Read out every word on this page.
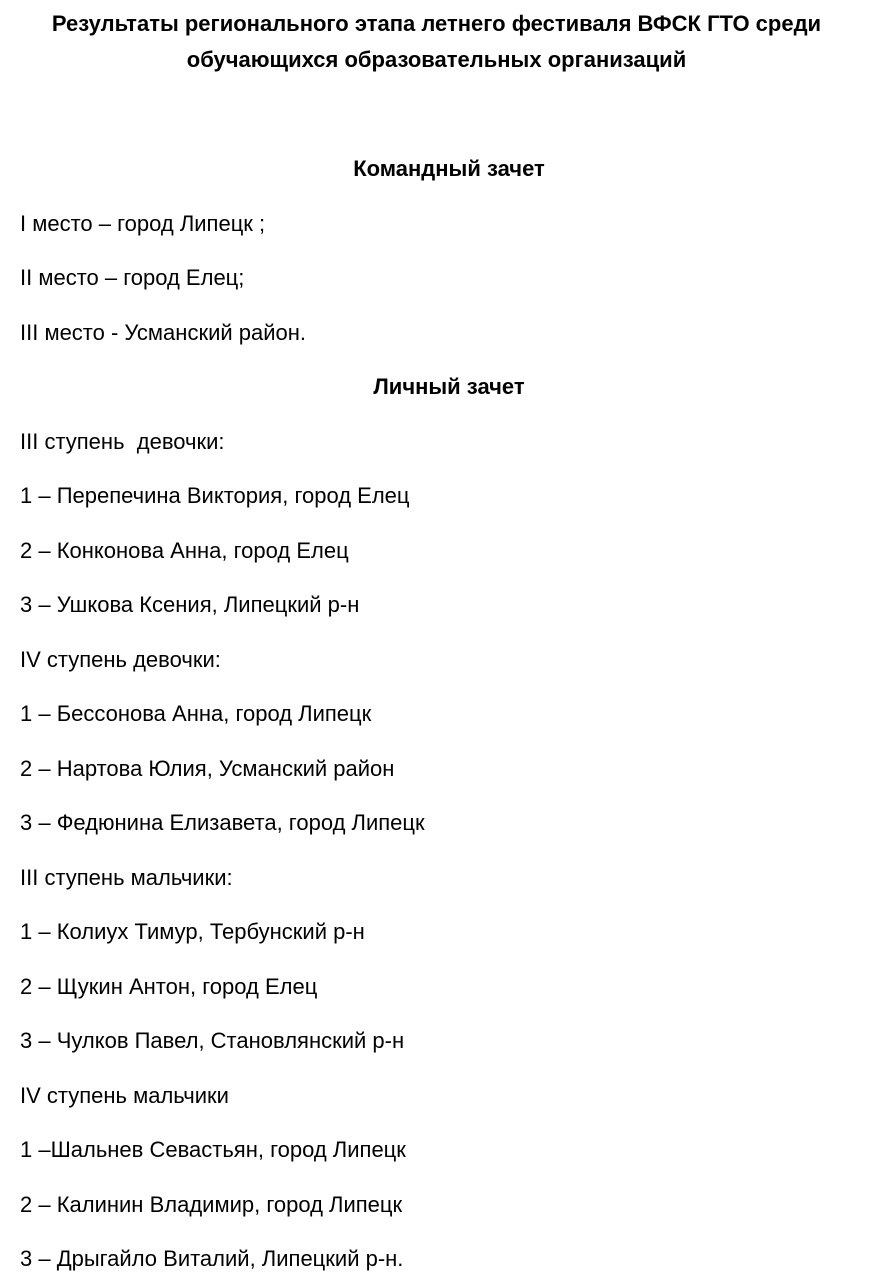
Результаты регионального этапа летнего фестиваля ВФСК ГТО среди
обучающихся образовательных организаций
Командный зачет
I место – город Липецк ;
II место – город Елец;
III место - Усманский район.
Личный зачет
III ступень  девочки:
1 – Перепечина Виктория, город Елец
2 – Конконова Анна, город Елец
3 – Ушкова Ксения, Липецкий р-н
IV ступень девочки:
1 – Бессонова Анна, город Липецк
2 – Нартова Юлия, Усманский район
3 – Федюнина Елизавета, город Липецк
III ступень мальчики:
1 – Колиух Тимур, Тербунский р-н
2 – Щукин Антон, город Елец
3 – Чулков Павел, Становлянский р-н
IV ступень мальчики
1 –Шальнев Севастьян, город Липецк
2 – Калинин Владимир, город Липецк
3 – Дрыгайло Виталий, Липецкий р-н.
